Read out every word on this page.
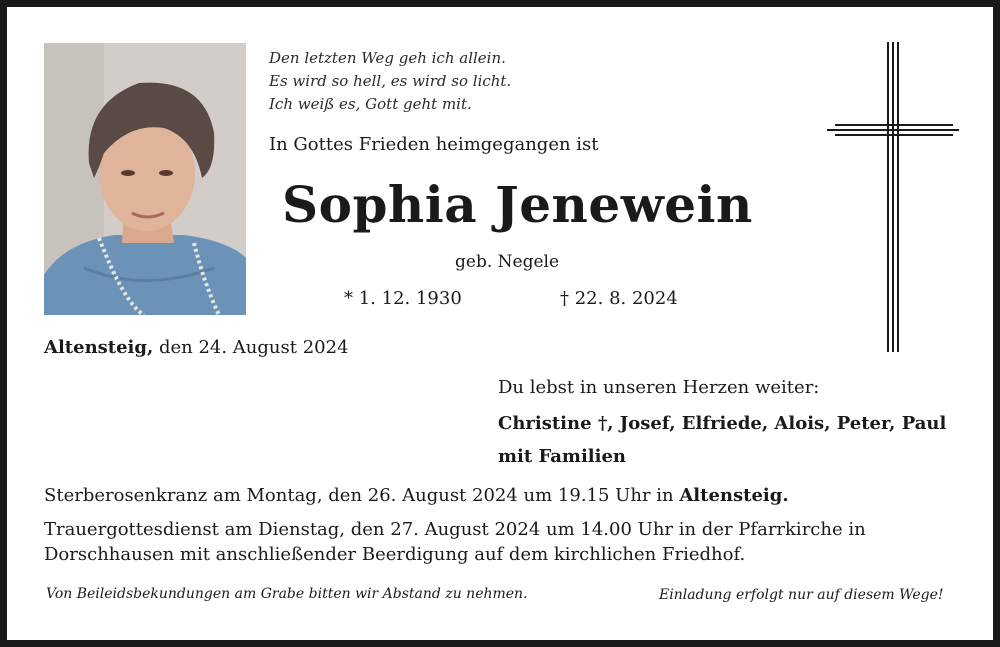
Den letzten Weg geh ich allein.
Es wird so hell, es wird so licht.
Ich weiß es, Gott geht mit.
In Gottes Frieden heimgegangen ist
Sophia Jenewein
geb. Negele
* 1. 12. 1930	† 22. 8. 2024
Altensteig, den 24. August 2024
Du lebst in unseren Herzen weiter:
Christine †, Josef, Elfriede, Alois, Peter, Paul
mit Familien
Sterberosenkranz am Montag, den 26. August 2024 um 19.15 Uhr in Altensteig.
Trauergottesdienst am Dienstag, den 27. August 2024 um 14.00 Uhr in der Pfarrkirche in
Dorschhausen mit anschließender Beerdigung auf dem kirchlichen Friedhof.
Von Beileidsbekundungen am Grabe bitten wir Abstand zu nehmen.	Einladung erfolgt nur auf diesem Wege!
